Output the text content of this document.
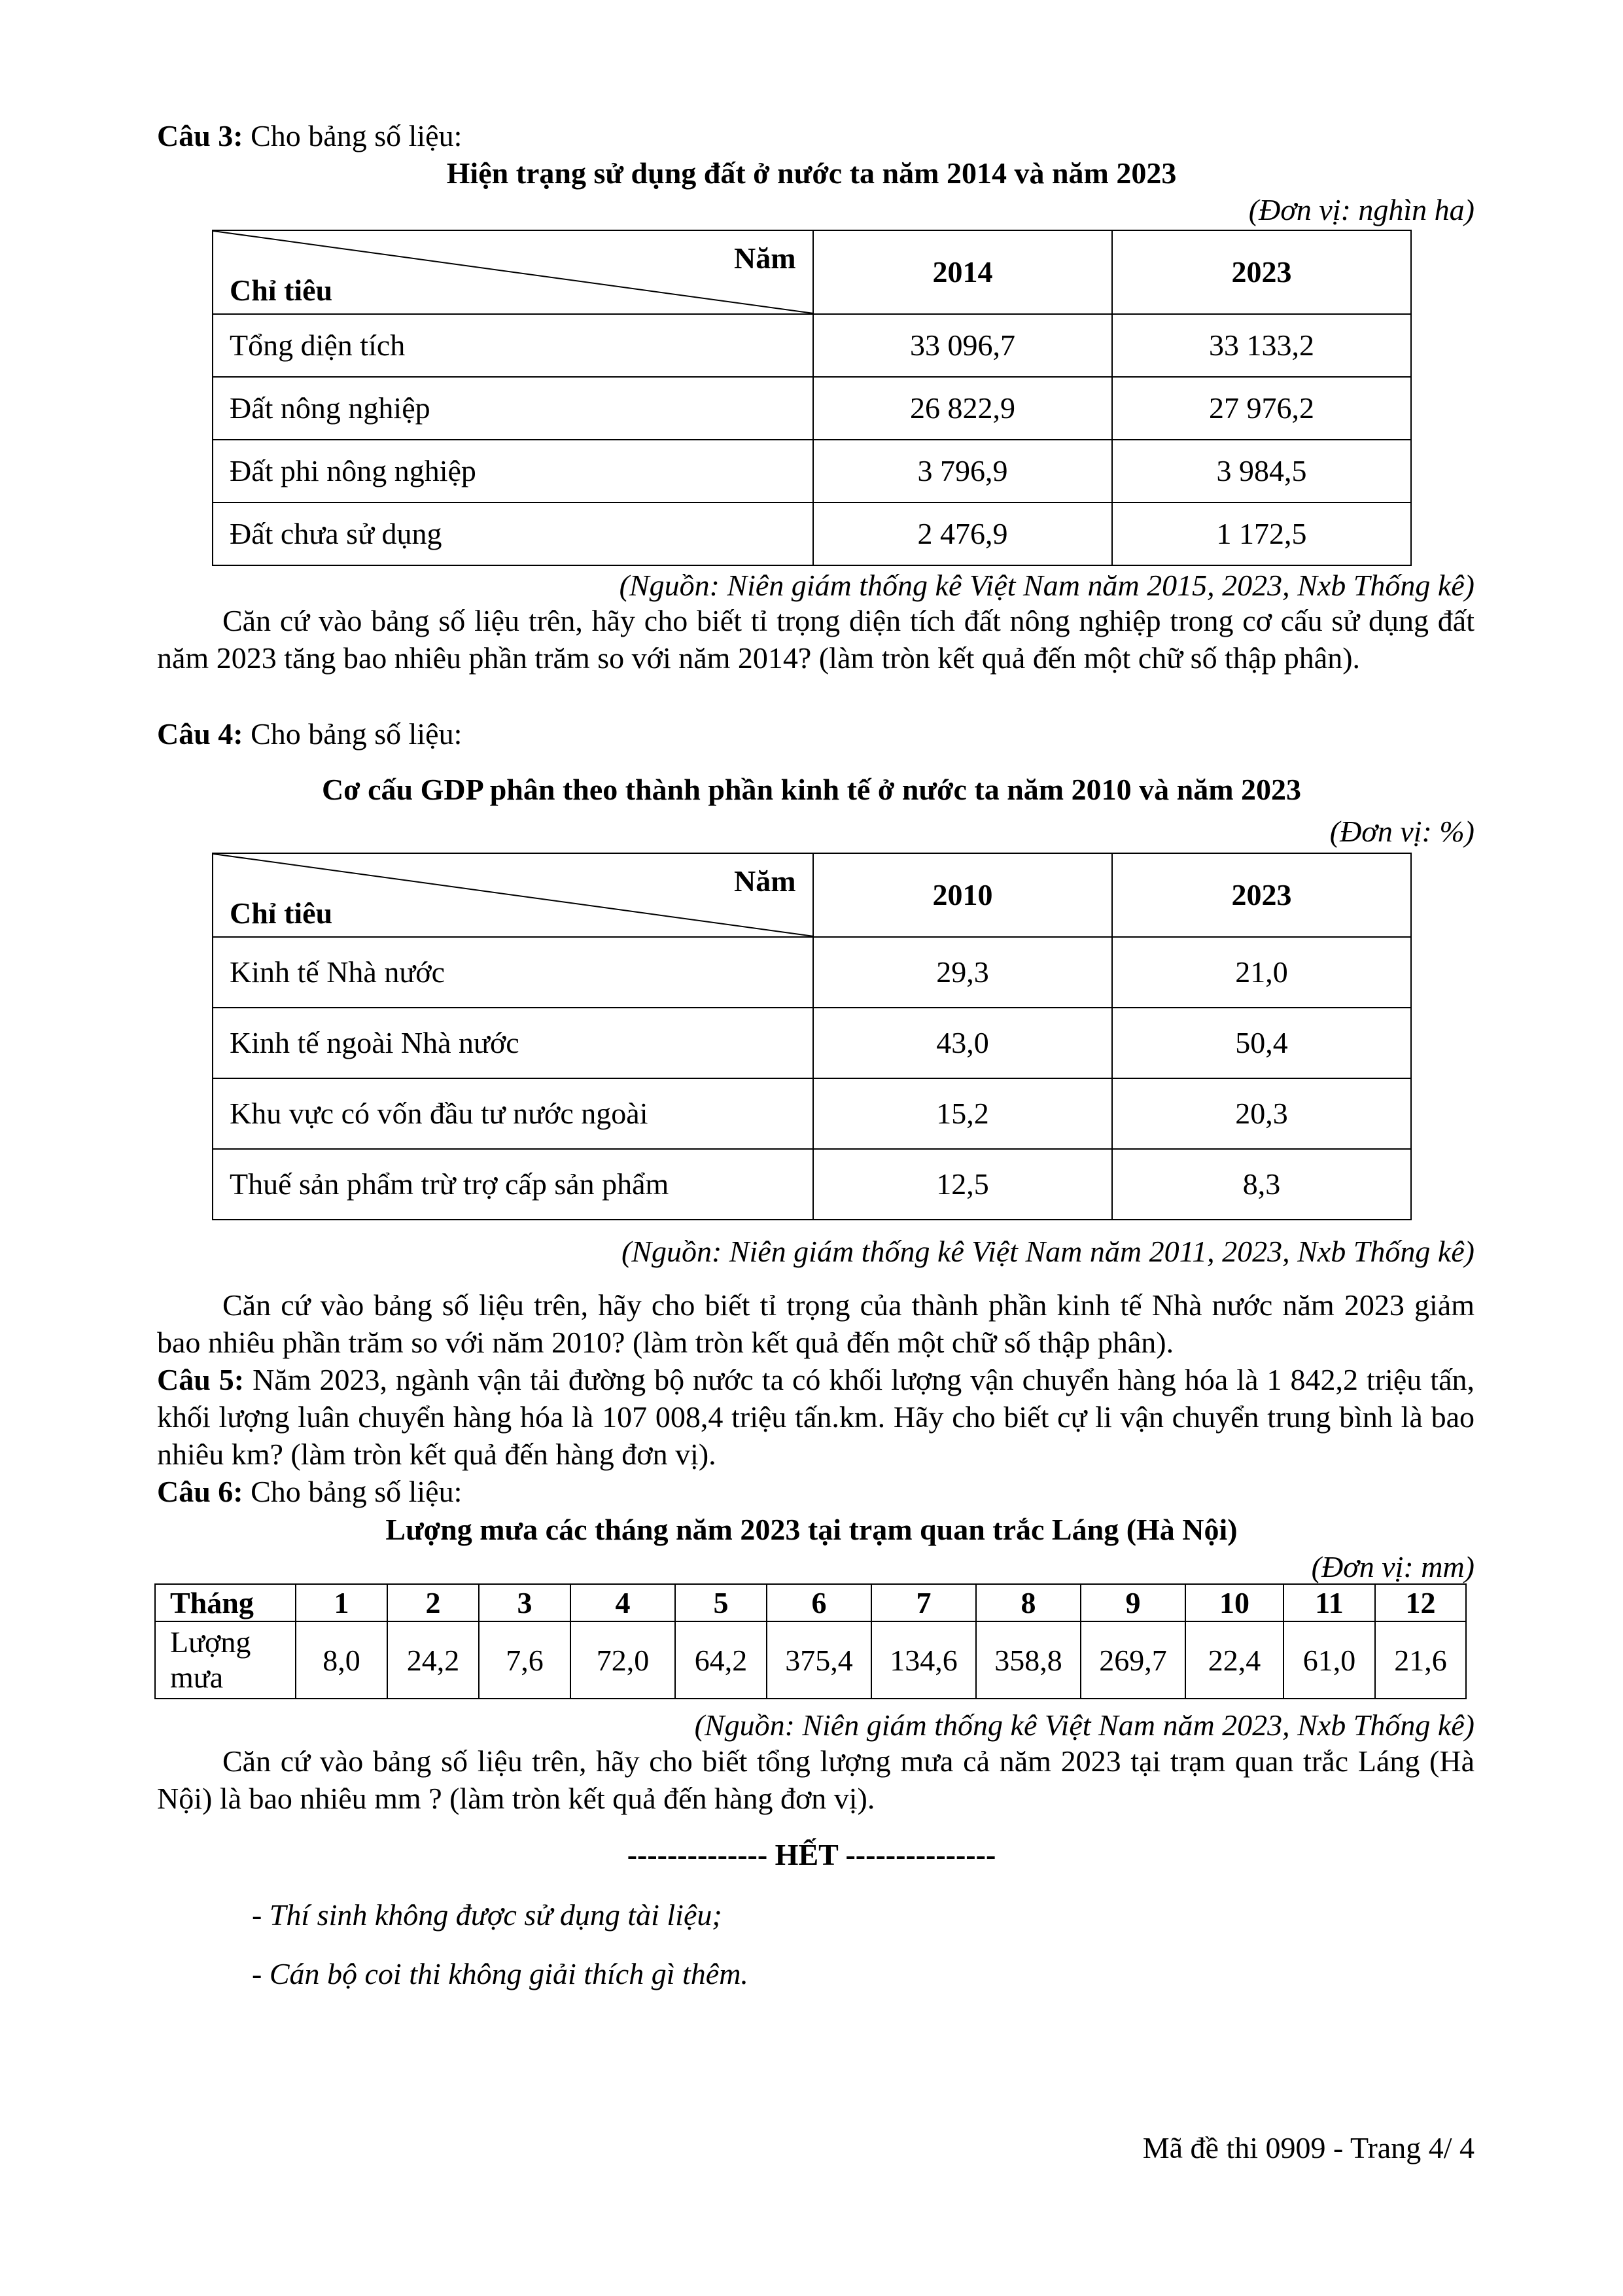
Câu 3: Cho bảng số liệu:
Hiện trạng sử dụng đất ở nước ta năm 2014 và năm 2023
(Đơn vị: nghìn ha)
Năm
Chỉ tiêu	2014	2023
Tổng diện tích	33 096,7	33 133,2
Đất nông nghiệp	26 822,9	27 976,2
Đất phi nông nghiệp	3 796,9	3 984,5
Đất chưa sử dụng	2 476,9	1 172,5
(Nguồn: Niên giám thống kê Việt Nam năm 2015, 2023, Nxb Thống kê)
Căn cứ vào bảng số liệu trên, hãy cho biết tỉ trọng diện tích đất nông nghiệp trong cơ cấu sử dụng đất năm 2023 tăng bao nhiêu phần trăm so với năm 2014? (làm tròn kết quả đến một chữ số thập phân).
Câu 4: Cho bảng số liệu:
Cơ cấu GDP phân theo thành phần kinh tế ở nước ta năm 2010 và năm 2023
(Đơn vị: %)
Năm
Chỉ tiêu	2010	2023
Kinh tế Nhà nước	29,3	21,0
Kinh tế ngoài Nhà nước	43,0	50,4
Khu vực có vốn đầu tư nước ngoài	15,2	20,3
Thuế sản phẩm trừ trợ cấp sản phẩm	12,5	8,3
(Nguồn: Niên giám thống kê Việt Nam năm 2011, 2023, Nxb Thống kê)
Căn cứ vào bảng số liệu trên, hãy cho biết tỉ trọng của thành phần kinh tế Nhà nước năm 2023 giảm bao nhiêu phần trăm so với năm 2010? (làm tròn kết quả đến một chữ số thập phân).
Câu 5: Năm 2023, ngành vận tải đường bộ nước ta có khối lượng vận chuyển hàng hóa là 1 842,2 triệu tấn, khối lượng luân chuyển hàng hóa là 107 008,4 triệu tấn.km. Hãy cho biết cự li vận chuyển trung bình là bao nhiêu km? (làm tròn kết quả đến hàng đơn vị).
Câu 6: Cho bảng số liệu:
Lượng mưa các tháng năm 2023 tại trạm quan trắc Láng (Hà Nội)
(Đơn vị: mm)
Tháng	1	2	3	4	5	6	7	8	9	10	11	12
Lượng
mưa	8,0	24,2	7,6	72,0	64,2	375,4	134,6	358,8	269,7	22,4	61,0	21,6
(Nguồn: Niên giám thống kê Việt Nam năm 2023, Nxb Thống kê)
Căn cứ vào bảng số liệu trên, hãy cho biết tổng lượng mưa cả năm 2023 tại trạm quan trắc Láng (Hà Nội) là bao nhiêu mm ? (làm tròn kết quả đến hàng đơn vị).
-------------- HẾT ---------------
- Thí sinh không được sử dụng tài liệu;
- Cán bộ coi thi không giải thích gì thêm.
Mã đề thi 0909 - Trang 4/ 4
